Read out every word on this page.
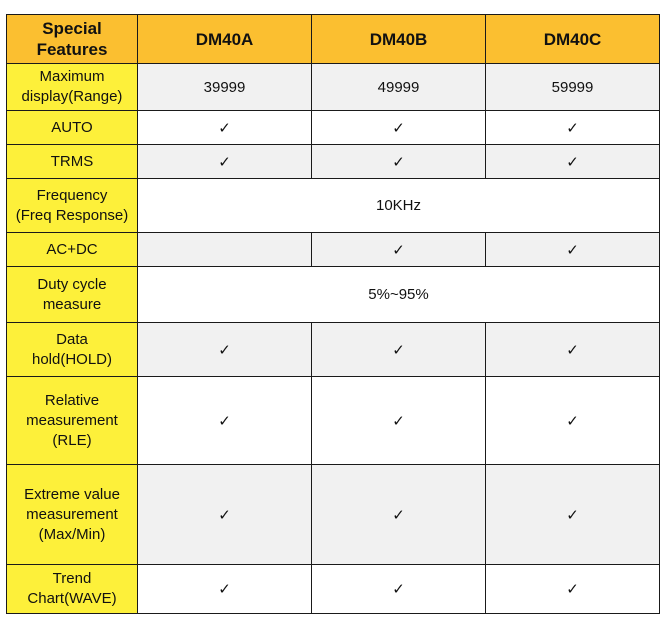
Special
Features	DM40A	DM40B	DM40C
Maximum
display(Range)	39999	49999	59999
AUTO	✓	✓	✓
TRMS	✓	✓	✓
Frequency
(Freq Response)	10KHz		
AC+DC		✓	✓
Duty cycle
measure	5%~95%		
Data
hold(HOLD)	✓	✓	✓
Relative
measurement
(RLE)	✓	✓	✓
Extreme value
measurement
(Max/Min)	✓	✓	✓
Trend
Chart(WAVE)	✓	✓	✓
